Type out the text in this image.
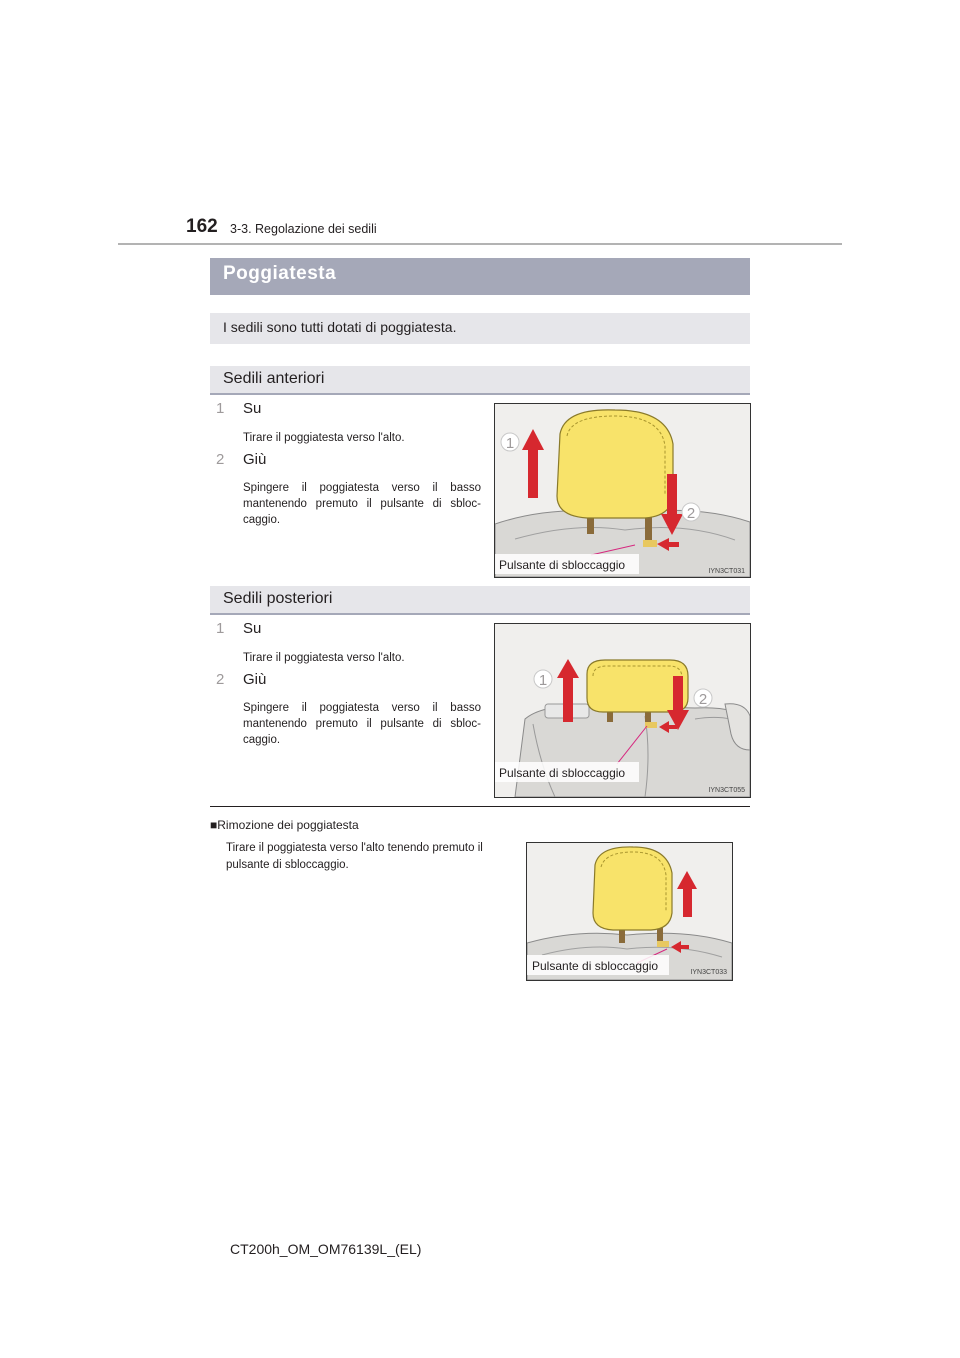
162 3-3. Regolazione dei sedili
Poggiatesta
I sedili sono tutti dotati di poggiatesta.
Sedili anteriori
1 Su
Tirare il poggiatesta verso l'alto.
2 Giù
Spingere il poggiatesta verso il basso mantenendo premuto il pulsante di sbloc-caggio.
1
2
Pulsante di sbloccaggio	IYN3CT031
Sedili posteriori
1 Su
Tirare il poggiatesta verso l'alto.
2 Giù
Spingere il poggiatesta verso il basso mantenendo premuto il pulsante di sbloc-caggio.
1
2
Pulsante di sbloccaggio
IYN3CT055
■Rimozione dei poggiatesta
Tirare il poggiatesta verso l'alto tenendo premuto il pulsante di sbloccaggio.
Pulsante di sbloccaggio	IYN3CT033
CT200h_OM_OM76139L_(EL)
